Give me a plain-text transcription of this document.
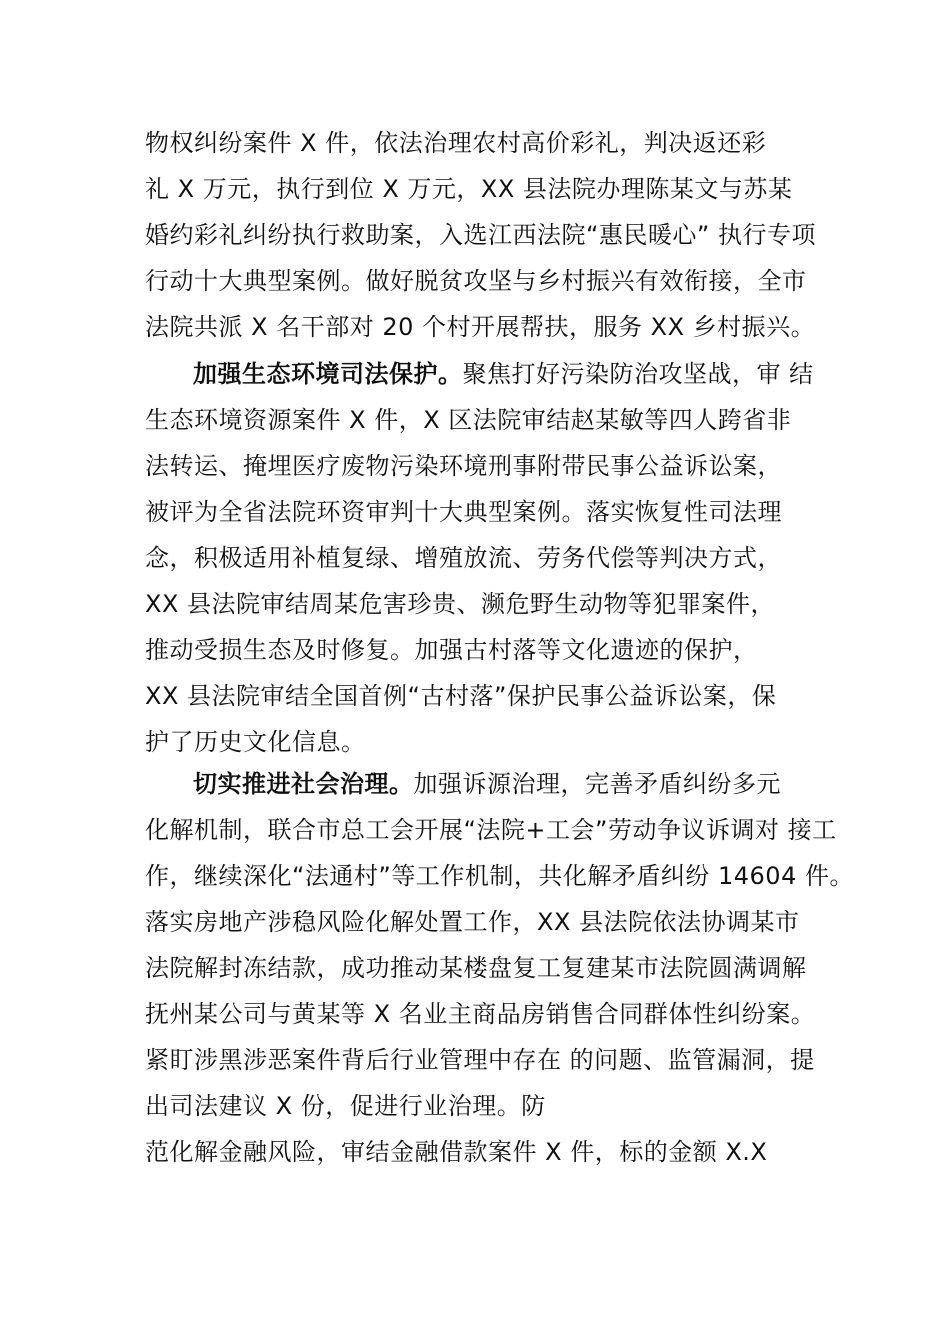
物权纠纷案件 X 件，依法治理农村高价彩礼，判决返还彩
礼 X 万元，执行到位 X 万元，XX 县法院办理陈某文与苏某
婚约彩礼纠纷执行救助案，入选江西法院“惠民暖心” 执行专项
行动十大典型案例。做好脱贫攻坚与乡村振兴有效衔接，全市
法院共派 X 名干部对 20 个村开展帮扶，服务 XX 乡村振兴。
加强生态环境司法保护。聚焦打好污染防治攻坚战，审 结
生态环境资源案件 X 件，X 区法院审结赵某敏等四人跨省非
法转运、掩埋医疗废物污染环境刑事附带民事公益诉讼案，
被评为全省法院环资审判十大典型案例。落实恢复性司法理
念，积极适用补植复绿、增殖放流、劳务代偿等判决方式，
XX 县法院审结周某危害珍贵、濒危野生动物等犯罪案件，
推动受损生态及时修复。加强古村落等文化遗迹的保护，
XX 县法院审结全国首例“古村落”保护民事公益诉讼案，保
护了历史文化信息。
切实推进社会治理。加强诉源治理，完善矛盾纠纷多元
化解机制，联合市总工会开展“法院+工会”劳动争议诉调对 接工
作，继续深化“法通村”等工作机制，共化解矛盾纠纷 14604 件。
落实房地产涉稳风险化解处置工作，XX 县法院依法协调某市
法院解封冻结款，成功推动某楼盘复工复建某市法院圆满调解
抚州某公司与黄某等 X 名业主商品房销售合同群体性纠纷案。
紧盯涉黑涉恶案件背后行业管理中存在 的问题、监管漏洞，提
出司法建议 X 份，促进行业治理。防
范化解金融风险，审结金融借款案件 X 件，标的金额 X.X
